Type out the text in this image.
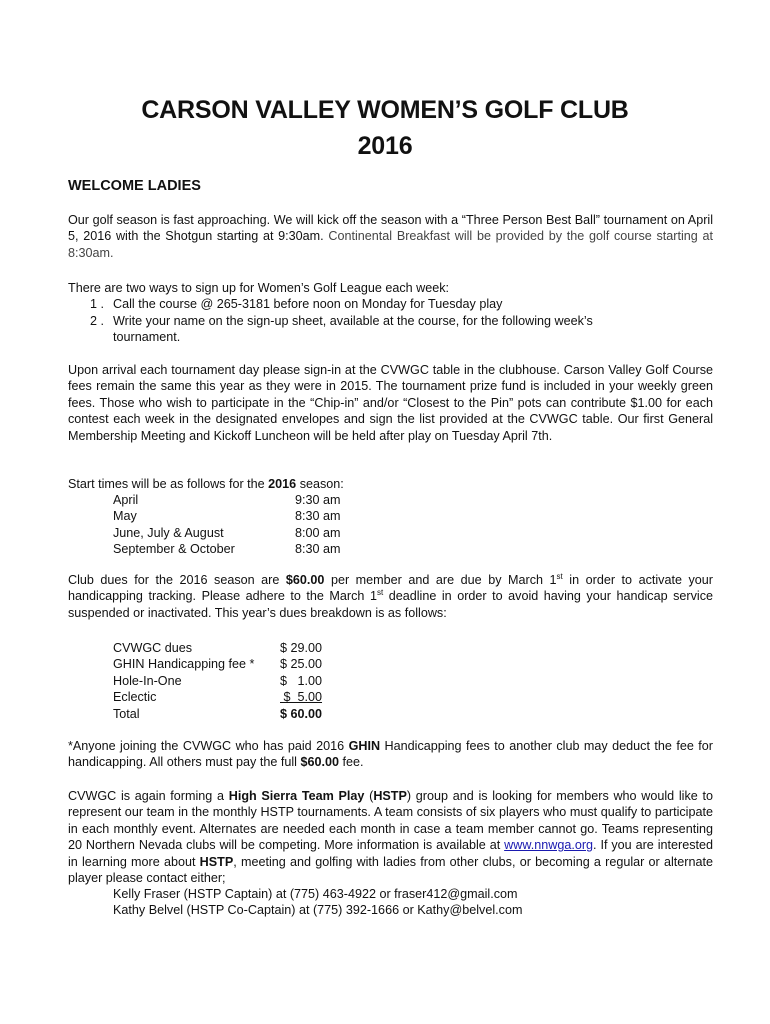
CARSON VALLEY WOMEN’S GOLF CLUB
2016
WELCOME LADIES
Our golf season is fast approaching. We will kick off the season with a “Three Person Best Ball” tournament on April 5, 2016 with the Shotgun starting at 9:30am. Continental Breakfast will be provided by the golf course starting at 8:30am.
There are two ways to sign up for Women’s Golf League each week:
1 . Call the course @ 265-3181 before noon on Monday for Tuesday play
2 . Write your name on the sign-up sheet, available at the course, for the following week’s tournament.
Upon arrival each tournament day please sign-in at the CVWGC table in the clubhouse. Carson Valley Golf Course fees remain the same this year as they were in 2015. The tournament prize fund is included in your weekly green fees. Those who wish to participate in the “Chip-in” and/or “Closest to the Pin” pots can contribute $1.00 for each contest each week in the designated envelopes and sign the list provided at the CVWGC table. Our first General Membership Meeting and Kickoff Luncheon will be held after play on Tuesday April 7th.
Start times will be as follows for the 2016 season:
April	9:30 am
May	8:30 am
June, July & August	8:00 am
September & October	8:30 am
Club dues for the 2016 season are $60.00 per member and are due by March 1st in order to activate your handicapping tracking. Please adhere to the March 1st deadline in order to avoid having your handicap service suspended or inactivated. This year’s dues breakdown is as follows:
CVWGC dues	$ 29.00
GHIN Handicapping fee * $ 25.00
Hole-In-One	$   1.00
Eclectic	$  5.00
Total	$ 60.00
*Anyone joining the CVWGC who has paid 2016 GHIN Handicapping fees to another club may deduct the fee for handicapping. All others must pay the full $60.00 fee.
CVWGC is again forming a High Sierra Team Play (HSTP) group and is looking for members who would like to represent our team in the monthly HSTP tournaments. A team consists of six players who must qualify to participate in each monthly event. Alternates are needed each month in case a team member cannot go. Teams representing 20 Northern Nevada clubs will be competing. More information is available at www.nnwga.org. If you are interested in learning more about HSTP, meeting and golfing with ladies from other clubs, or becoming a regular or alternate player please contact either;
Kelly Fraser (HSTP Captain) at (775) 463-4922 or fraser412@gmail.com
Kathy Belvel (HSTP Co-Captain) at (775) 392-1666 or Kathy@belvel.com
